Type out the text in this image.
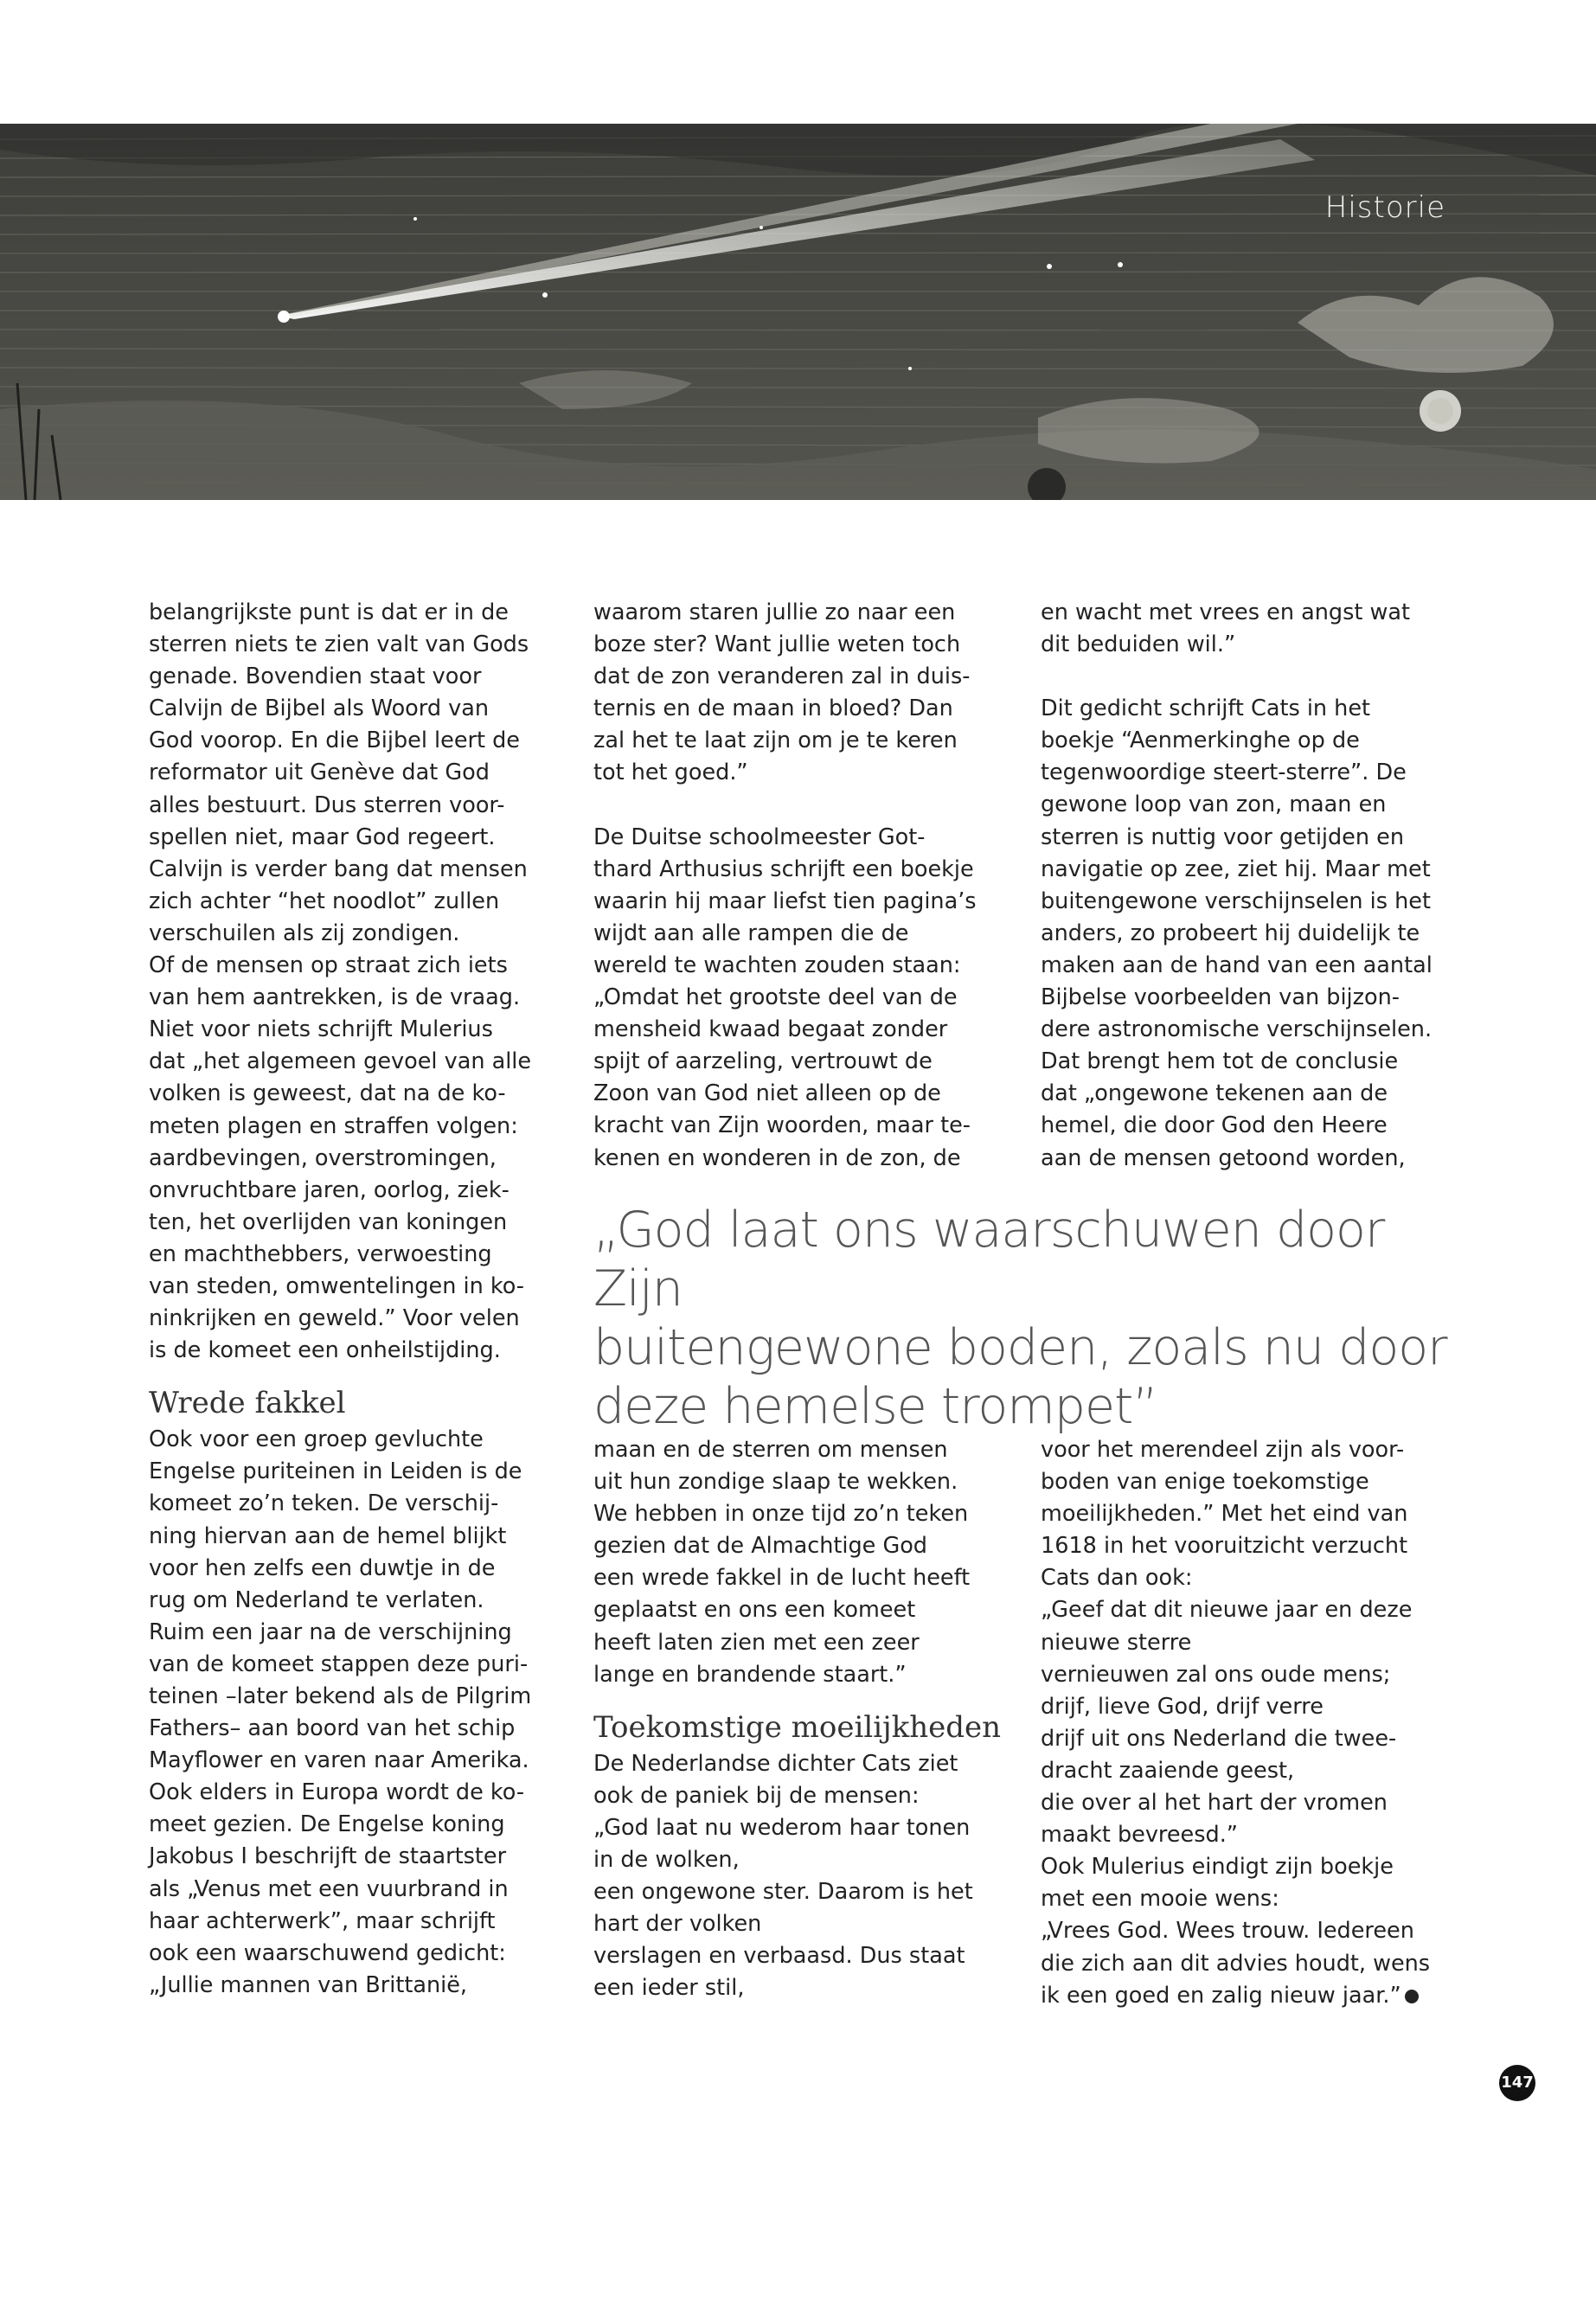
Historie

belangrijkste punt is dat er in de
sterren niets te zien valt van Gods
genade. Bovendien staat voor
Calvijn de Bijbel als Woord van
God voorop. En die Bijbel leert de
reformator uit Genève dat God
alles bestuurt. Dus sterren voor-
spellen niet, maar God regeert.
Calvijn is verder bang dat mensen
zich achter “het noodlot” zullen
verschuilen als zij zondigen.

Of de mensen op straat zich iets
van hem aantrekken, is de vraag.
Niet voor niets schrijft Mulerius
dat „het algemeen gevoel van alle
volken is geweest, dat na de ko-
meten plagen en straffen volgen:
aardbevingen, overstromingen,
onvruchtbare jaren, oorlog, ziek-
ten, het overlijden van koningen
en machthebbers, verwoesting
van steden, omwentelingen in ko-
ninkrijken en geweld.” Voor velen
is de komeet een onheilstijding.

Wrede fakkel

Ook voor een groep gevluchte
Engelse puriteinen in Leiden is de
komeet zo’n teken. De verschij-
ning hiervan aan de hemel blijkt
voor hen zelfs een duwtje in de
rug om Nederland te verlaten.
Ruim een jaar na de verschijning
van de komeet stappen deze puri-
teinen –later bekend als de Pilgrim
Fathers– aan boord van het schip
Mayflower en varen naar Amerika.
Ook elders in Europa wordt de ko-
meet gezien. De Engelse koning
Jakobus I beschrijft de staartster
als „Venus met een vuurbrand in
haar achterwerk”, maar schrijft
ook een waarschuwend gedicht:
„Jullie mannen van Brittanië,

waarom staren jullie zo naar een
boze ster? Want jullie weten toch
dat de zon veranderen zal in duis-
ternis en de maan in bloed? Dan
zal het te laat zijn om je te keren
tot het goed.”

De Duitse schoolmeester Got-
thard Arthusius schrijft een boekje
waarin hij maar liefst tien pagina’s
wijdt aan alle rampen die de
wereld te wachten zouden staan:
„Omdat het grootste deel van de
mensheid kwaad begaat zonder
spijt of aarzeling, vertrouwt de
Zoon van God niet alleen op de
kracht van Zijn woorden, maar te-
kenen en wonderen in de zon, de

en wacht met vrees en angst wat
dit beduiden wil.”

Dit gedicht schrijft Cats in het
boekje “Aenmerkinghe op de
tegenwoordige steert-sterre”. De
gewone loop van zon, maan en
sterren is nuttig voor getijden en
navigatie op zee, ziet hij. Maar met
buitengewone verschijnselen is het
anders, zo probeert hij duidelijk te
maken aan de hand van een aantal
Bijbelse voorbeelden van bijzon-
dere astronomische verschijnselen.
Dat brengt hem tot de conclusie
dat „ongewone tekenen aan de
hemel, die door God den Heere
aan de mensen getoond worden,

„God laat ons waarschuwen door Zijn
buitengewone boden, zoals nu door
deze hemelse trompet”

maan en de sterren om mensen
uit hun zondige slaap te wekken.
We hebben in onze tijd zo’n teken
gezien dat de Almachtige God
een wrede fakkel in de lucht heeft
geplaatst en ons een komeet
heeft laten zien met een zeer
lange en brandende staart.”

Toekomstige moeilijkheden

De Nederlandse dichter Cats ziet
ook de paniek bij de mensen:
„God laat nu wederom haar tonen
in de wolken,
een ongewone ster. Daarom is het
hart der volken
verslagen en verbaasd. Dus staat
een ieder stil,

voor het merendeel zijn als voor-
boden van enige toekomstige
moeilijkheden.” Met het eind van
1618 in het vooruitzicht verzucht
Cats dan ook:
„Geef dat dit nieuwe jaar en deze
nieuwe sterre
vernieuwen zal ons oude mens;
drijf, lieve God, drijf verre
drijf uit ons Nederland die twee-
dracht zaaiende geest,
die over al het hart der vromen
maakt bevreesd.”
Ook Mulerius eindigt zijn boekje
met een mooie wens:
„Vrees God. Wees trouw. Iedereen
die zich aan dit advies houdt, wens
ik een goed en zalig nieuw jaar.”

147
